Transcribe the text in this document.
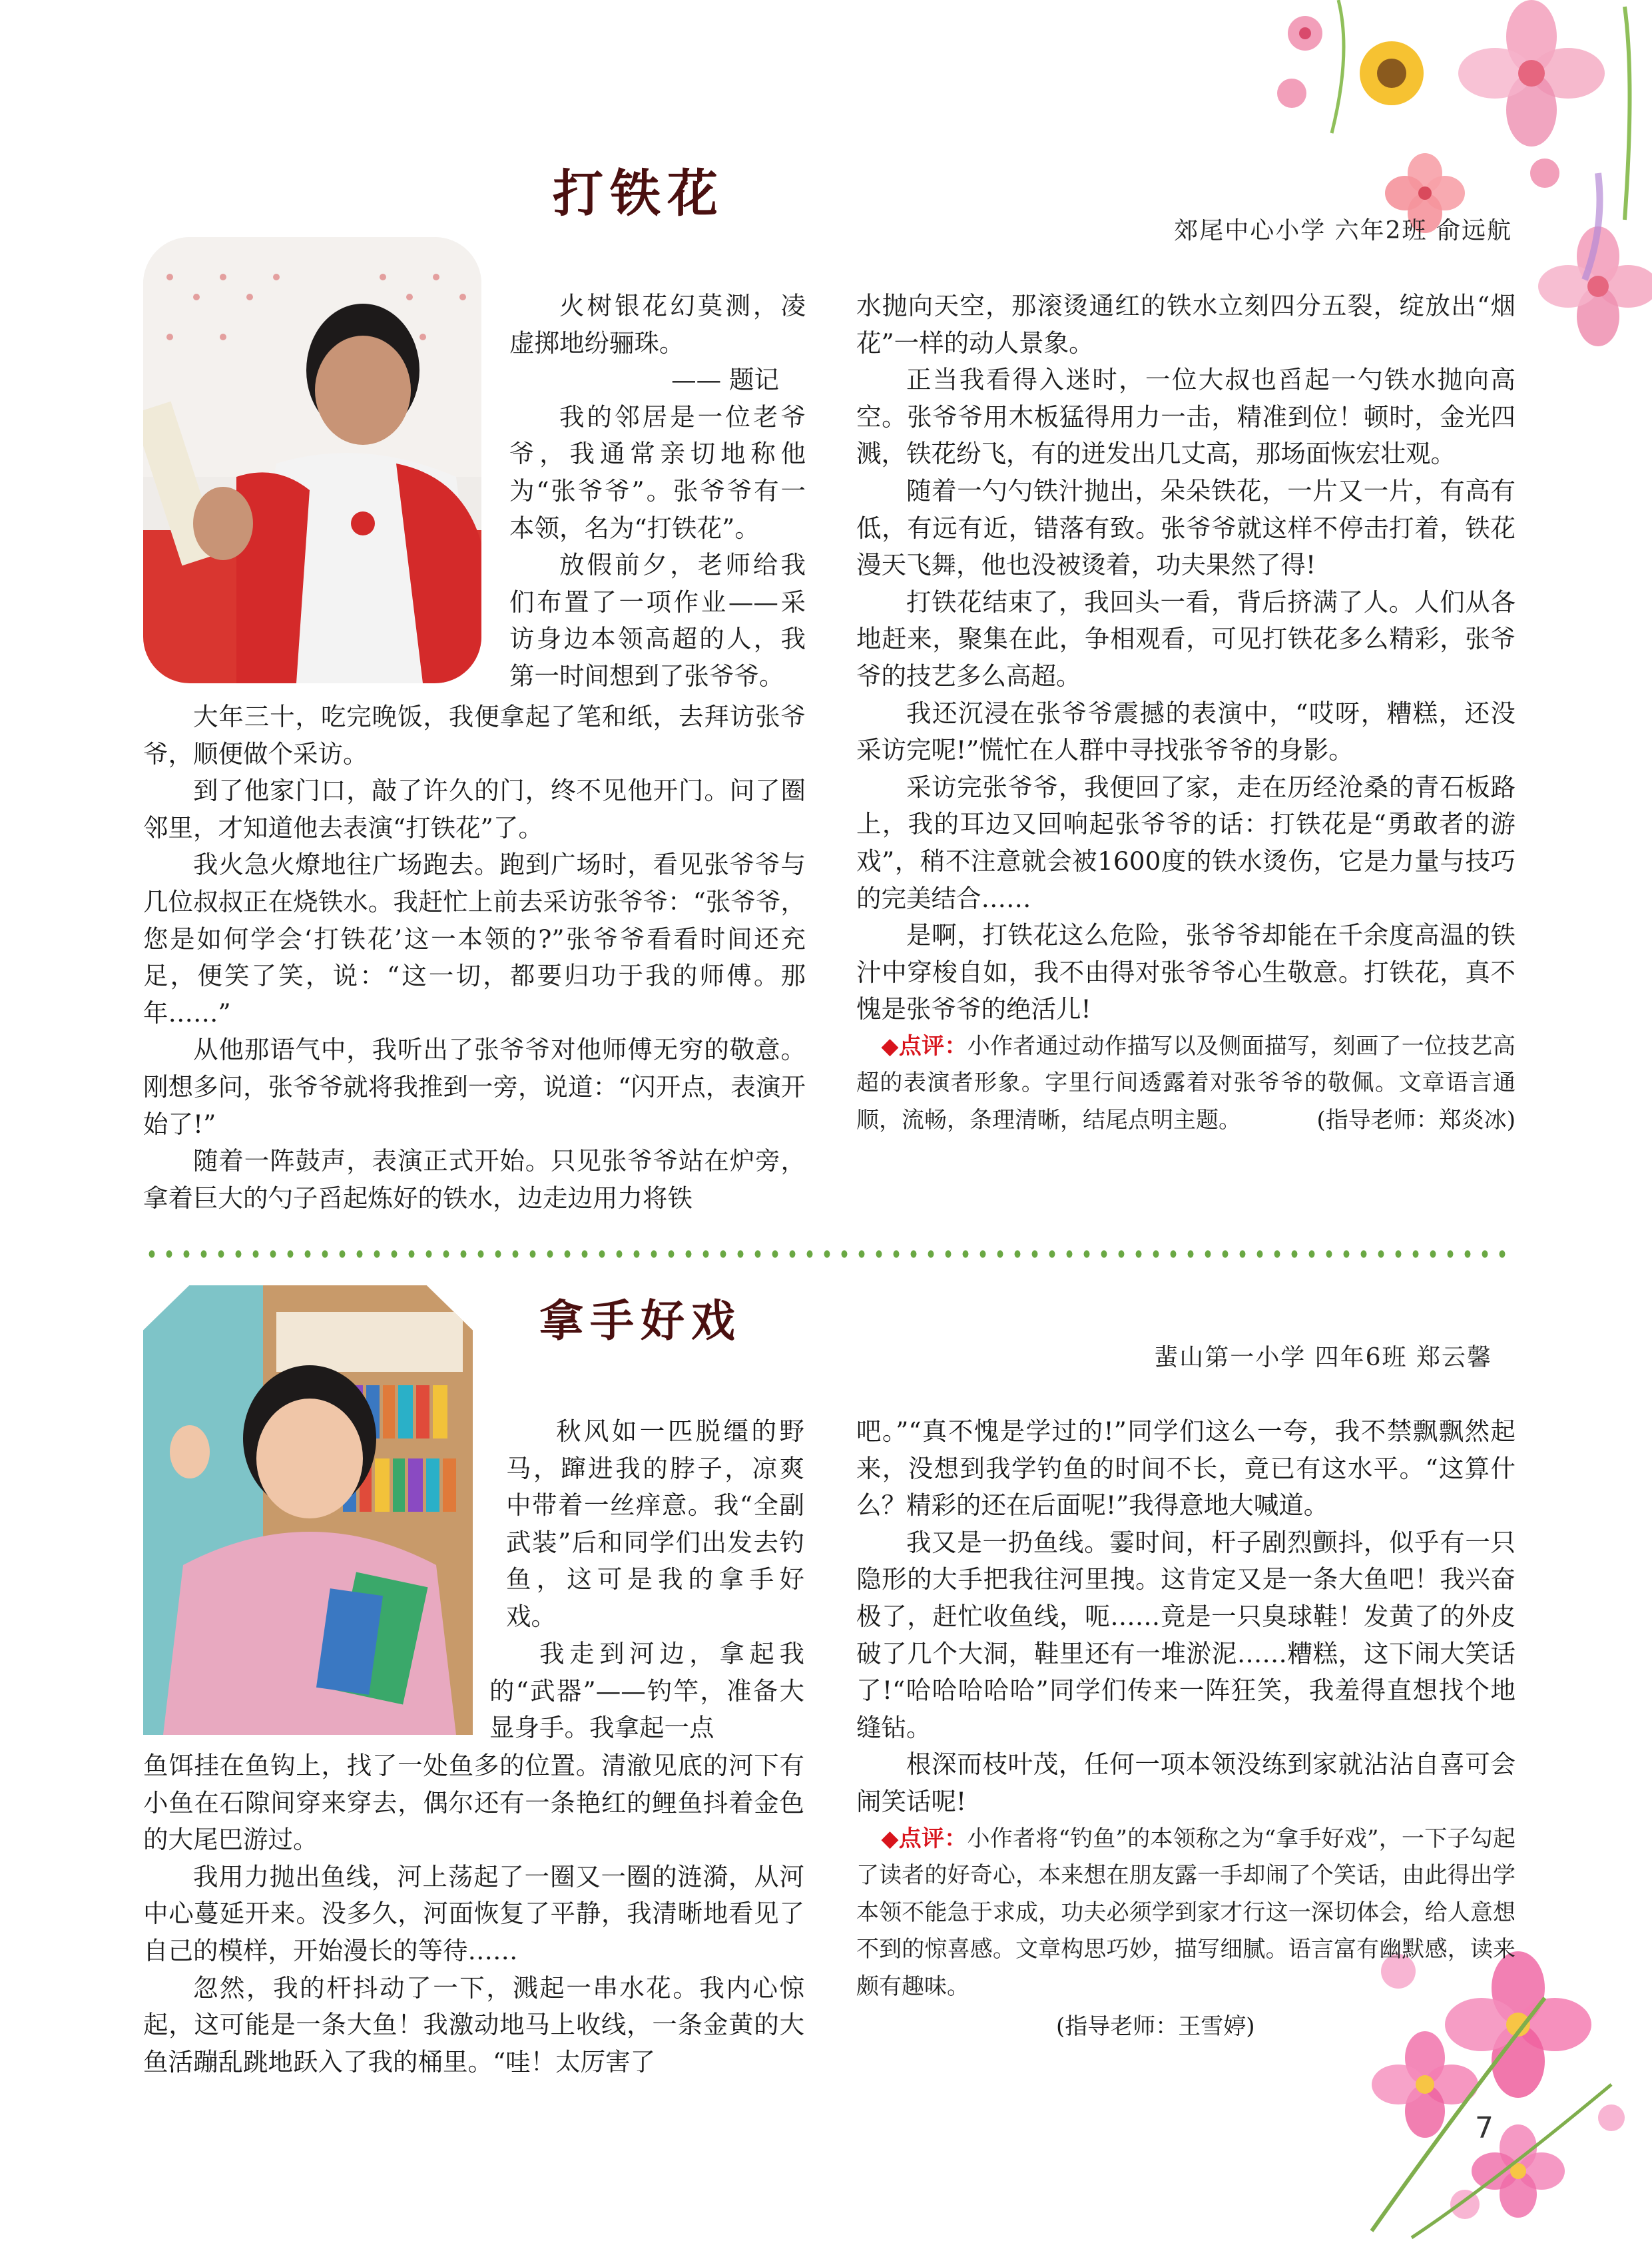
打铁花
郊尾中心小学 六年2班 俞远航

火树银花幻莫测，凌虚掷地纷骊珠。

—— 题记

我的邻居是一位老爷爷，我通常亲切地称他为“张爷爷”。张爷爷有一本领，名为“打铁花”。

放假前夕，老师给我们布置了一项作业——采访身边本领高超的人，我第一时间想到了张爷爷。

大年三十，吃完晚饭，我便拿起了笔和纸，去拜访张爷爷，顺便做个采访。

到了他家门口，敲了许久的门，终不见他开门。问了圈邻里，才知道他去表演“打铁花”了。

我火急火燎地往广场跑去。跑到广场时，看见张爷爷与几位叔叔正在烧铁水。我赶忙上前去采访张爷爷：“张爷爷，您是如何学会‘打铁花’这一本领的?”张爷爷看看时间还充足，便笑了笑，说：“这一切，都要归功于我的师傅。那年……”

从他那语气中，我听出了张爷爷对他师傅无穷的敬意。刚想多问，张爷爷就将我推到一旁，说道：“闪开点，表演开始了!”

随着一阵鼓声，表演正式开始。只见张爷爷站在炉旁，拿着巨大的勺子舀起炼好的铁水，边走边用力将铁

水抛向天空，那滚烫通红的铁水立刻四分五裂，绽放出“烟花”一样的动人景象。

正当我看得入迷时，一位大叔也舀起一勺铁水抛向高空。张爷爷用木板猛得用力一击，精准到位！顿时，金光四溅，铁花纷飞，有的迸发出几丈高，那场面恢宏壮观。

随着一勺勺铁汁抛出，朵朵铁花，一片又一片，有高有低，有远有近，错落有致。张爷爷就这样不停击打着，铁花漫天飞舞，他也没被烫着，功夫果然了得!

打铁花结束了，我回头一看，背后挤满了人。人们从各地赶来，聚集在此，争相观看，可见打铁花多么精彩，张爷爷的技艺多么高超。

我还沉浸在张爷爷震撼的表演中，“哎呀，糟糕，还没采访完呢!”慌忙在人群中寻找张爷爷的身影。

采访完张爷爷，我便回了家，走在历经沧桑的青石板路上，我的耳边又回响起张爷爷的话：打铁花是“勇敢者的游戏”，稍不注意就会被1600度的铁水烫伤，它是力量与技巧的完美结合……

是啊，打铁花这么危险，张爷爷却能在千余度高温的铁汁中穿梭自如，我不由得对张爷爷心生敬意。打铁花，真不愧是张爷爷的绝活儿!

◆点评：小作者通过动作描写以及侧面描写，刻画了一位技艺高超的表演者形象。字里行间透露着对张爷爷的敬佩。文章语言通顺，流畅，条理清晰，结尾点明主题。	(指导老师：郑炎冰)
拿手好戏
蜚山第一小学 四年6班 郑云馨

秋风如一匹脱缰的野马，蹿进我的脖子，凉爽中带着一丝痒意。我“全副武装”后和同学们出发去钓鱼，这可是我的拿手好戏。

我走到河边，拿起我的“武器”——钓竿，准备大显身手。我拿起一点

鱼饵挂在鱼钩上，找了一处鱼多的位置。清澈见底的河下有小鱼在石隙间穿来穿去，偶尔还有一条艳红的鲤鱼抖着金色的大尾巴游过。

我用力抛出鱼线，河上荡起了一圈又一圈的涟漪，从河中心蔓延开来。没多久，河面恢复了平静，我清晰地看见了自己的模样，开始漫长的等待……

忽然，我的杆抖动了一下，溅起一串水花。我内心惊起，这可能是一条大鱼！我激动地马上收线，一条金黄的大鱼活蹦乱跳地跃入了我的桶里。“哇！太厉害了

吧。”“真不愧是学过的!”同学们这么一夸，我不禁飘飘然起来，没想到我学钓鱼的时间不长，竟已有这水平。“这算什么？精彩的还在后面呢!”我得意地大喊道。

我又是一扔鱼线。霎时间，杆子剧烈颤抖，似乎有一只隐形的大手把我往河里拽。这肯定又是一条大鱼吧！我兴奋极了，赶忙收鱼线，呃……竟是一只臭球鞋！发黄了的外皮破了几个大洞，鞋里还有一堆淤泥……糟糕，这下闹大笑话了!“哈哈哈哈哈”同学们传来一阵狂笑，我羞得直想找个地缝钻。

根深而枝叶茂，任何一项本领没练到家就沾沾自喜可会闹笑话呢!

◆点评：小作者将“钓鱼”的本领称之为“拿手好戏”，一下子勾起了读者的好奇心，本来想在朋友露一手却闹了个笑话，由此得出学本领不能急于求成，功夫必须学到家才行这一深切体会，给人意想不到的惊喜感。文章构思巧妙，描写细腻。语言富有幽默感，读来颇有趣味。

(指导老师：王雪婷)
7
